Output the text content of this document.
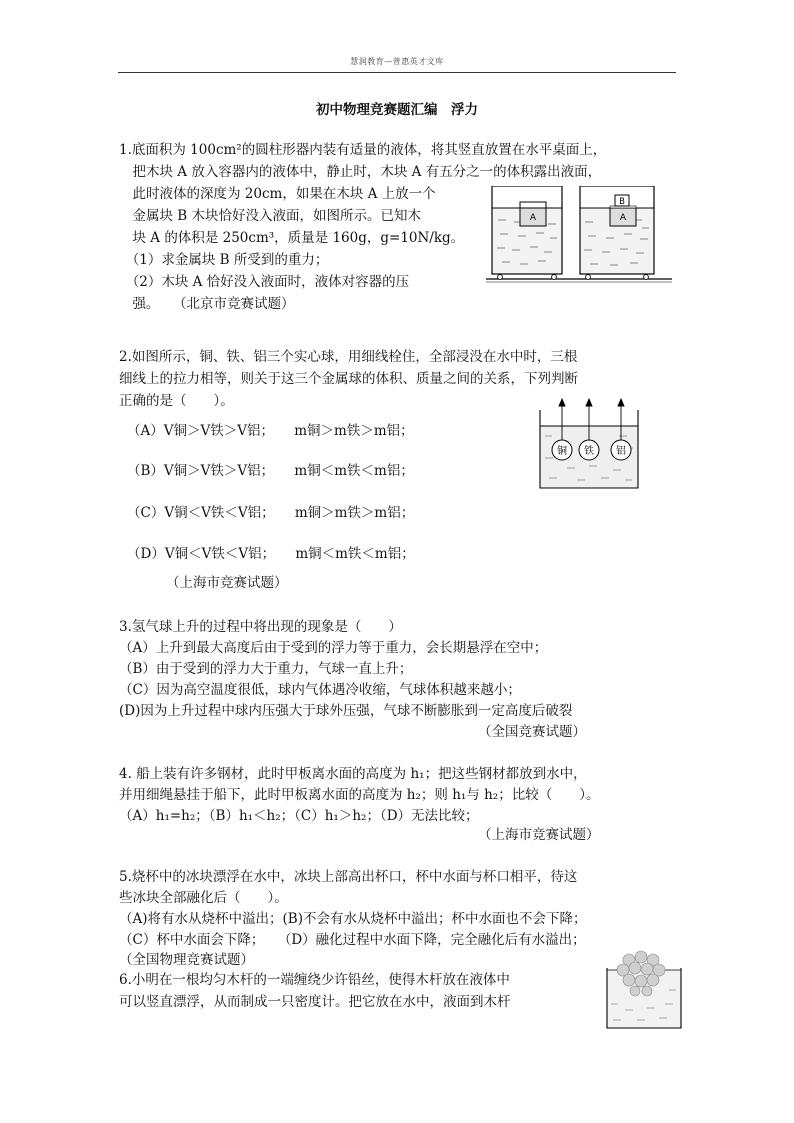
慧润教育—普惠英才文库
初中物理竞赛题汇编　浮力
1.底面积为 100cm²的圆柱形器内装有适量的液体，将其竖直放置在水平桌面上，
　把木块 A 放入容器内的液体中，静止时，木块 A 有五分之一的体积露出液面，
　此时液体的深度为 20cm，如果在木块 A 上放一个
　金属块 B 木块恰好没入液面，如图所示。已知木
　块 A 的体积是 250cm³，质量是 160g，g=10N/kg。
　（1）求金属块 B 所受到的重力；
　（2）木块 A 恰好没入液面时，液体对容器的压
　强。　　（北京市竞赛试题）
A	A
B
2.如图所示，铜、铁、铝三个实心球，用细线栓住，全部浸没在水中时，三根
细线上的拉力相等，则关于这三个金属球的体积、质量之间的关系，下列判断
正确的是（　　）。
（A）V铜＞V铁＞V铝；　　m铜＞m铁＞m铝；
（B）V铜＞V铁＞V铝；　　m铜＜m铁＜m铝；
（C）V铜＜V铁＜V铝；　　m铜＞m铁＞m铝；
（D）V铜＜V铁＜V铝；　　m铜＜m铁＜m铝；
（上海市竞赛试题）
铜 铁 铝
3.氢气球上升的过程中将出现的现象是（　　）
（A）上升到最大高度后由于受到的浮力等于重力，会长期悬浮在空中；
（B）由于受到的浮力大于重力，气球一直上升；
（C）因为高空温度很低，球内气体遇冷收缩，气球体积越来越小；
(D)因为上升过程中球内压强大于球外压强，气球不断膨胀到一定高度后破裂
（全国竞赛试题）
4. 船上装有许多钢材，此时甲板离水面的高度为 h₁；把这些钢材都放到水中，
并用细绳悬挂于船下，此时甲板离水面的高度为 h₂；则 h₁与 h₂；比较（　　）。
（A）h₁=h₂；（B）h₁＜h₂；（C）h₁＞h₂；（D）无法比较；
（上海市竞赛试题）
5.烧杯中的冰块漂浮在水中，冰块上部高出杯口，杯中水面与杯口相平，待这
些冰块全部融化后（　　）。
（A)将有水从烧杯中溢出；(B)不会有水从烧杯中溢出；杯中水面也不会下降；
（C）杯中水面会下降；　　（D）融化过程中水面下降，完全融化后有水溢出；
（全国物理竞赛试题）
6.小明在一根均匀木杆的一端缠绕少许铅丝，使得木杆放在液体中
可以竖直漂浮，从而制成一只密度计。把它放在水中，液面到木杆
